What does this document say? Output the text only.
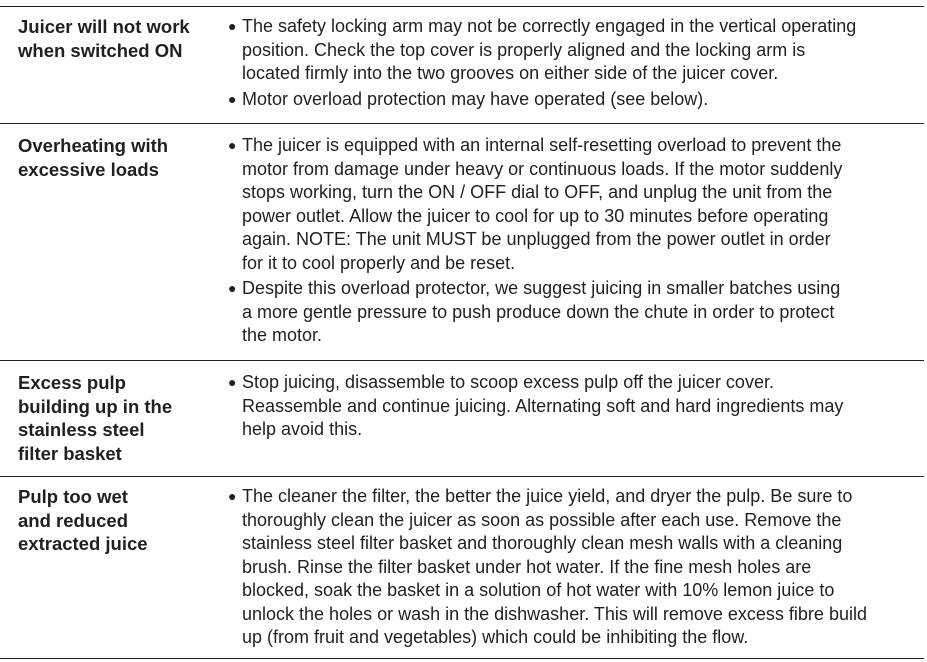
Juicer will not work
when switched ON
● The safety locking arm may not be correctly engaged in the vertical operating
position. Check the top cover is properly aligned and the locking arm is
located firmly into the two grooves on either side of the juicer cover.
● Motor overload protection may have operated (see below).
Overheating with
excessive loads
● The juicer is equipped with an internal self-resetting overload to prevent the
motor from damage under heavy or continuous loads. If the motor suddenly
stops working, turn the ON / OFF dial to OFF, and unplug the unit from the
power outlet. Allow the juicer to cool for up to 30 minutes before operating
again. NOTE: The unit MUST be unplugged from the power outlet in order
for it to cool properly and be reset.
● Despite this overload protector, we suggest juicing in smaller batches using
a more gentle pressure to push produce down the chute in order to protect
the motor.
Excess pulp
building up in the
stainless steel
filter basket
● Stop juicing, disassemble to scoop excess pulp off the juicer cover.
Reassemble and continue juicing. Alternating soft and hard ingredients may
help avoid this.
Pulp too wet
and reduced
extracted juice
● The cleaner the filter, the better the juice yield, and dryer the pulp. Be sure to
thoroughly clean the juicer as soon as possible after each use. Remove the
stainless steel filter basket and thoroughly clean mesh walls with a cleaning
brush. Rinse the filter basket under hot water. If the fine mesh holes are
blocked, soak the basket in a solution of hot water with 10% lemon juice to
unlock the holes or wash in the dishwasher. This will remove excess fibre build
up (from fruit and vegetables) which could be inhibiting the flow.
